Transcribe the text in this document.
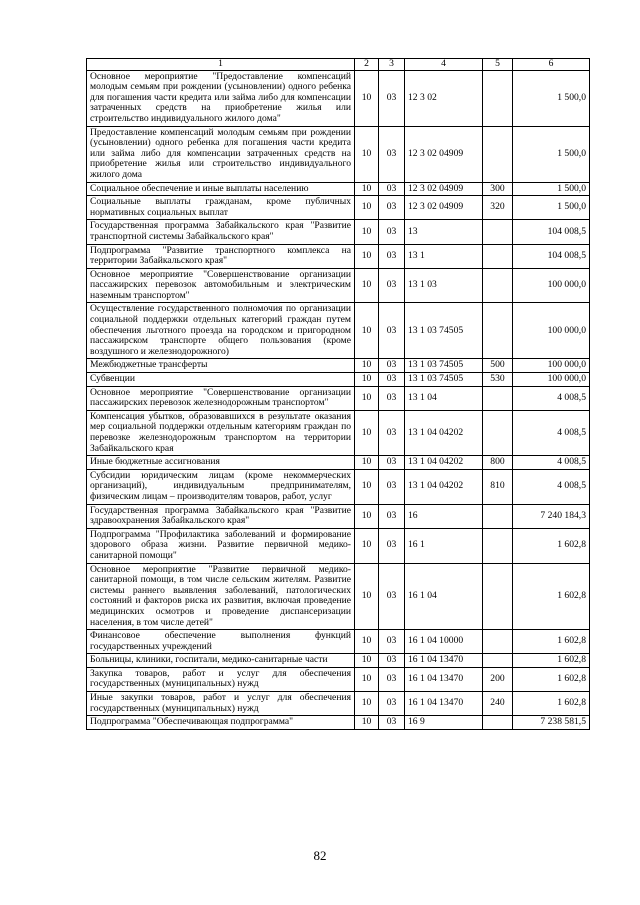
1	2	3	4	5	6
Основное мероприятие "Предоставление компенсаций молодым семьям при рождении (усыновлении) одного ребенка для погашения части кредита или займа либо для компенсации затраченных средств на приобретение жилья или строительство индивидуального жилого дома"	10	03	12 3 02		1 500,0
Предоставление компенсаций молодым семьям при рождении (усыновлении) одного ребенка для погашения части кредита или займа либо для компенсации затраченных средств на приобретение жилья или строительство индивидуального жилого дома	10	03	12 3 02 04909		1 500,0
Социальное обеспечение и иные выплаты населению	10	03	12 3 02 04909	300	1 500,0
Социальные выплаты гражданам, кроме публичных нормативных социальных выплат	10	03	12 3 02 04909	320	1 500,0
Государственная программа Забайкальского края "Развитие транспортной системы Забайкальского края"	10	03	13		104 008,5
Подпрограмма "Развитие транспортного комплекса на территории Забайкальского края"	10	03	13 1		104 008,5
Основное мероприятие "Совершенствование организации пассажирских перевозок автомобильным и электрическим наземным транспортом"	10	03	13 1 03		100 000,0
Осуществление государственного полномочия по организации социальной поддержки отдельных категорий граждан путем обеспечения льготного проезда на городском и пригородном пассажирском транспорте общего пользования (кроме воздушного и железнодорожного)	10	03	13 1 03 74505		100 000,0
Межбюджетные трансферты	10	03	13 1 03 74505	500	100 000,0
Субвенции	10	03	13 1 03 74505	530	100 000,0
Основное мероприятие "Совершенствование организации пассажирских перевозок железнодорожным транспортом"	10	03	13 1 04		4 008,5
Компенсация убытков, образовавшихся в результате оказания мер социальной поддержки отдельным категориям граждан по перевозке железнодорожным транспортом на территории Забайкальского края	10	03	13 1 04 04202		4 008,5
Иные бюджетные ассигнования	10	03	13 1 04 04202	800	4 008,5
Субсидии юридическим лицам (кроме некоммерческих организаций), индивидуальным предпринимателям, физическим лицам – производителям товаров, работ, услуг	10	03	13 1 04 04202	810	4 008,5
Государственная программа Забайкальского края "Развитие здравоохранения Забайкальского края"	10	03	16		7 240 184,3
Подпрограмма "Профилактика заболеваний и формирование здорового образа жизни. Развитие первичной медико-санитарной помощи"	10	03	16 1		1 602,8
Основное мероприятие "Развитие первичной медико-санитарной помощи, в том числе сельским жителям. Развитие системы раннего выявления заболеваний, патологических состояний и факторов риска их развития, включая проведение медицинских осмотров и проведение диспансеризации населения, в том числе детей"	10	03	16 1 04		1 602,8
Финансовое обеспечение выполнения функций государственных учреждений	10	03	16 1 04 10000		1 602,8
Больницы, клиники, госпитали, медико-санитарные части	10	03	16 1 04 13470		1 602,8
Закупка товаров, работ и услуг для обеспечения государственных (муниципальных) нужд	10	03	16 1 04 13470	200	1 602,8
Иные закупки товаров, работ и услуг для обеспечения государственных (муниципальных) нужд	10	03	16 1 04 13470	240	1 602,8
Подпрограмма "Обеспечивающая подпрограмма"	10	03	16 9		7 238 581,5
82
